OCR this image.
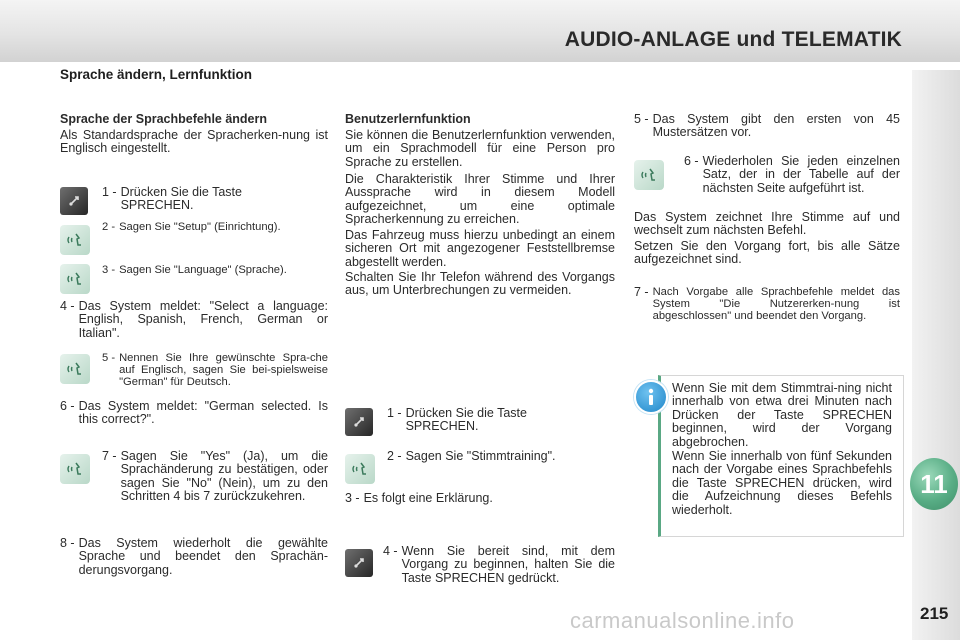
AUDIO-ANLAGE und TELEMATIK
Sprache ändern, Lernfunktion
11
215
carmanualsonline.info

Sprache der Sprachbefehle ändern

Als Standardsprache der Spracherken-nung ist Englisch eingestellt.

1 - Drücken Sie die Taste SPRECHEN.
2 - Sagen Sie "Setup" (Einrichtung).
3 - Sagen Sie "Language" (Sprache).
4 - Das System meldet: "Select a language: English, Spanish, French, German or Italian".
5 - Nennen Sie Ihre gewünschte Spra-che auf Englisch, sagen Sie bei-spielsweise "German" für Deutsch.
6 - Das System meldet: "German selected. Is this correct?".
7 - Sagen Sie "Yes" (Ja), um die Sprachänderung zu bestätigen, oder sagen Sie "No" (Nein), um zu den Schritten 4 bis 7 zurückzukehren.
8 - Das System wiederholt die gewählte Sprache und beendet den Sprachän-derungsvorgang.

Benutzerlernfunktion

Sie können die Benutzerlernfunktion verwenden, um ein Sprachmodell für eine Person pro Sprache zu erstellen.

Die Charakteristik Ihrer Stimme und Ihrer Aussprache wird in diesem Modell aufgezeichnet, um eine optimale Spracherkennung zu erreichen.

Das Fahrzeug muss hierzu unbedingt an einem sicheren Ort mit angezogener Feststellbremse abgestellt werden.

Schalten Sie Ihr Telefon während des Vorgangs aus, um Unterbrechungen zu vermeiden.

1 - Drücken Sie die Taste SPRECHEN.
2 - Sagen Sie "Stimmtraining".
3 - Es folgt eine Erklärung.
4 - Wenn Sie bereit sind, mit dem Vorgang zu beginnen, halten Sie die Taste SPRECHEN gedrückt.
5 - Das System gibt den ersten von 45 Mustersätzen vor.
6 - Wiederholen Sie jeden einzelnen Satz, der in der Tabelle auf der nächsten Seite aufgeführt ist.

Das System zeichnet Ihre Stimme auf und wechselt zum nächsten Befehl.

Setzen Sie den Vorgang fort, bis alle Sätze aufgezeichnet sind.

7 - Nach Vorgabe alle Sprachbefehle meldet das System "Die Nutzererken-nung ist abgeschlossen" und beendet den Vorgang.

Wenn Sie mit dem Stimmtrai-ning nicht innerhalb von etwa drei Minuten nach Drücken der Taste SPRECHEN beginnen, wird der Vorgang abgebrochen.

Wenn Sie innerhalb von fünf Sekunden nach der Vorgabe eines Sprachbefehls die Taste SPRECHEN drücken, wird die Aufzeichnung dieses Befehls wiederholt.
